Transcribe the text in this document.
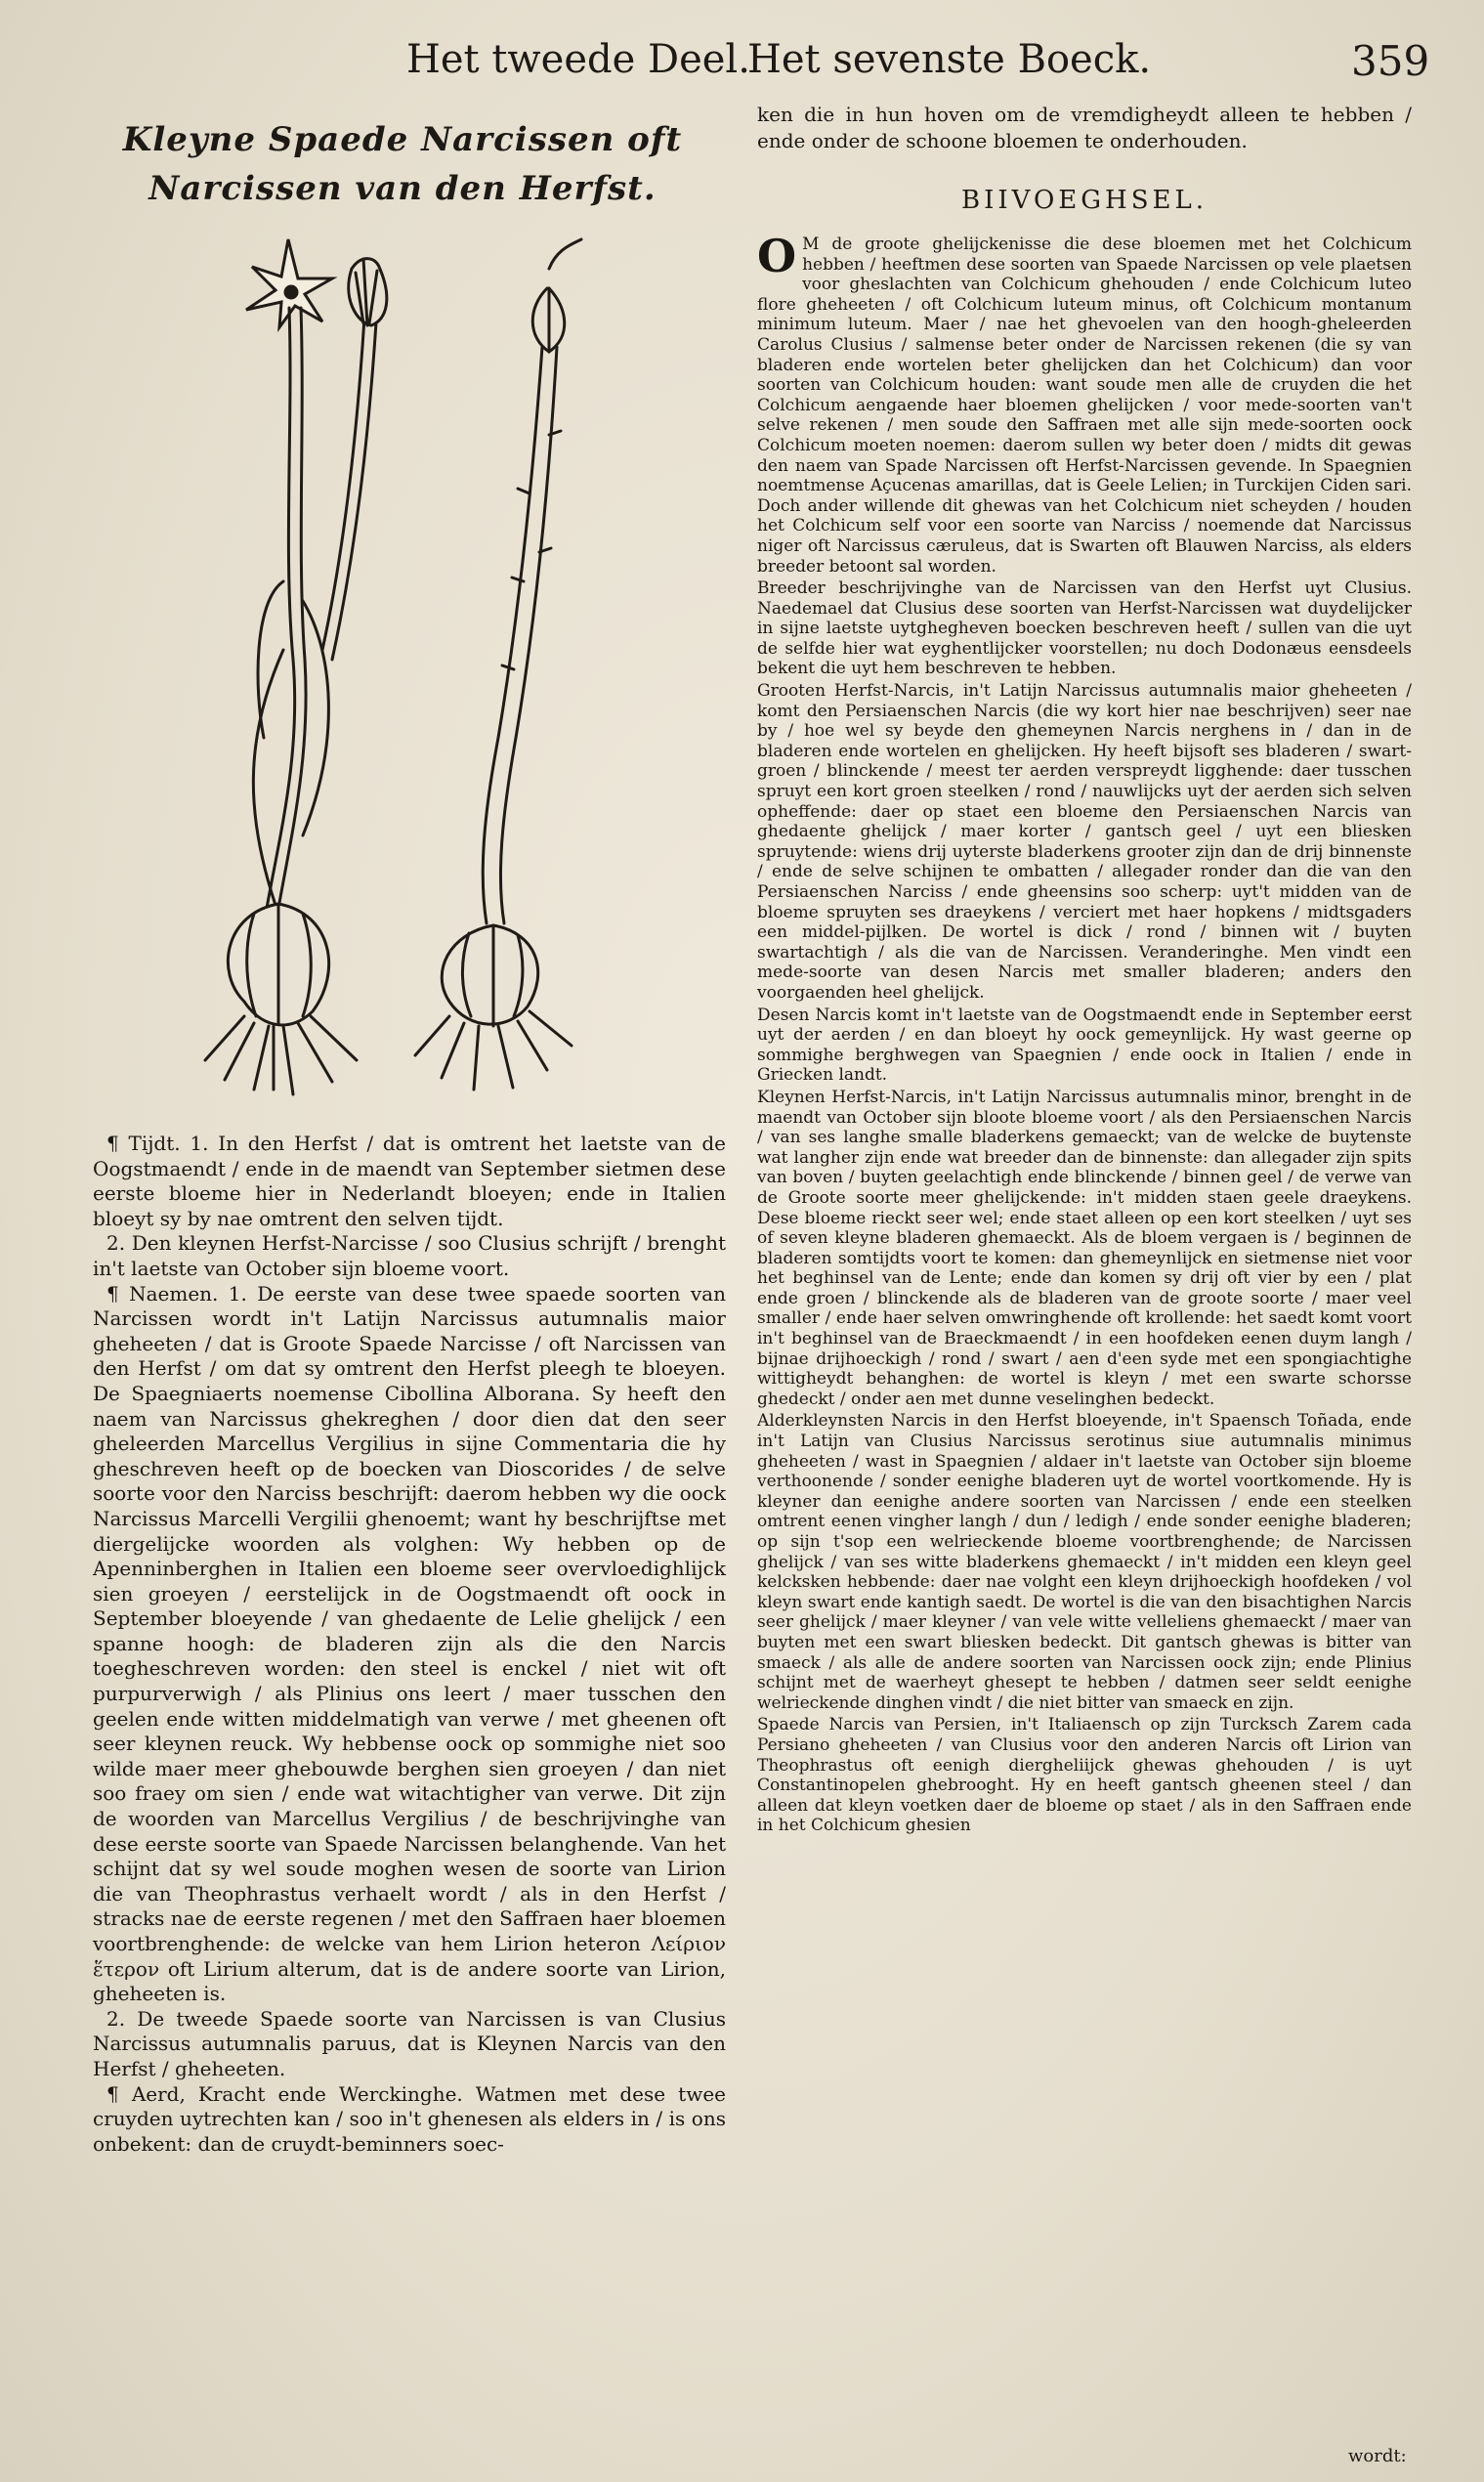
Het tweede Deel.
Het sevenste Boeck.	359
Kleyne Spaede Narcissen oft Narcissen van den Herfst.

¶ Tijdt. 1. In den Herfst / dat is omtrent het laetste van de Oogstmaendt / ende in de maendt van September sietmen dese eerste bloeme hier in Nederlandt bloeyen; ende in Italien bloeyt sy by nae omtrent den selven tijdt.

2. Den kleynen Herfst-Narcisse / soo Clusius schrijft / brenght in't laetste van October sijn bloeme voort.

¶ Naemen. 1. De eerste van dese twee spaede soorten van Narcissen wordt in't Latijn Narcissus autumnalis maior gheheeten / dat is Groote Spaede Narcisse / oft Narcissen van den Herfst / om dat sy omtrent den Herfst pleegh te bloeyen. De Spaegniaerts noemense Cibollina Alborana. Sy heeft den naem van Narcissus ghekreghen / door dien dat den seer gheleerden Marcellus Vergilius in sijne Commentaria die hy gheschreven heeft op de boecken van Dioscorides / de selve soorte voor den Narciss beschrijft: daerom hebben wy die oock Narcissus Marcelli Vergilii ghenoemt; want hy beschrijftse met diergelijcke woorden als volghen: Wy hebben op de Apenninberghen in Italien een bloeme seer overvloedighlijck sien groeyen / eerstelijck in de Oogstmaendt oft oock in September bloeyende / van ghedaente de Lelie ghelijck / een spanne hoogh: de bladeren zijn als die den Narcis toegheschreven worden: den steel is enckel / niet wit oft purpurverwigh / als Plinius ons leert / maer tusschen den geelen ende witten middelmatigh van verwe / met gheenen oft seer kleynen reuck. Wy hebbense oock op sommighe niet soo wilde maer meer ghebouwde berghen sien groeyen / dan niet soo fraey om sien / ende wat witachtigher van verwe. Dit zijn de woorden van Marcellus Vergilius / de beschrijvinghe van dese eerste soorte van Spaede Narcissen belanghende. Van het schijnt dat sy wel soude moghen wesen de soorte van Lirion die van Theophrastus verhaelt wordt / als in den Herfst / stracks nae de eerste regenen / met den Saffraen haer bloemen voortbrenghende: de welcke van hem Lirion heteron Λείριον ἕτερον oft Lirium alterum, dat is de andere soorte van Lirion, gheheeten is.

2. De tweede Spaede soorte van Narcissen is van Clusius Narcissus autumnalis paruus, dat is Kleynen Narcis van den Herfst / gheheeten.

¶ Aerd, Kracht ende Werckinghe. Watmen met dese twee cruyden uytrechten kan / soo in't ghenesen als elders in / is ons onbekent: dan de cruydt-beminners soec-

ken die in hun hoven om de vremdigheydt alleen te hebben / ende onder de schoone bloemen te onderhouden.

BIIVOEGHSEL.

O M de groote ghelijckenisse die dese bloemen met het Colchicum hebben / heeftmen dese soorten van Spaede Narcissen op vele plaetsen voor gheslachten van Colchicum ghehouden / ende Colchicum luteo flore gheheeten / oft Colchicum luteum minus, oft Colchicum montanum minimum luteum. Maer / nae het ghevoelen van den hoogh-gheleerden Carolus Clusius / salmense beter onder de Narcissen rekenen (die sy van bladeren ende wortelen beter ghelijcken dan het Colchicum) dan voor soorten van Colchicum houden: want soude men alle de cruyden die het Colchicum aengaende haer bloemen ghelijcken / voor mede-soorten van't selve rekenen / men soude den Saffraen met alle sijn mede-soorten oock Colchicum moeten noemen: daerom sullen wy beter doen / midts dit gewas den naem van Spade Narcissen oft Herfst-Narcissen gevende. In Spaegnien noemtmense Açucenas amarillas, dat is Geele Lelien; in Turckijen Ciden sari. Doch ander willende dit ghewas van het Colchicum niet scheyden / houden het Colchicum self voor een soorte van Narciss / noemende dat Narcissus niger oft Narcissus cæruleus, dat is Swarten oft Blauwen Narciss, als elders breeder betoont sal worden.

Breeder beschrijvinghe van de Narcissen van den Herfst uyt Clusius. Naedemael dat Clusius dese soorten van Herfst-Narcissen wat duydelijcker in sijne laetste uytghegheven boecken beschreven heeft / sullen van die uyt de selfde hier wat eyghentlijcker voorstellen; nu doch Dodonæus eensdeels bekent die uyt hem beschreven te hebben.

Grooten Herfst-Narcis, in't Latijn Narcissus autumnalis maior gheheeten / komt den Persiaenschen Narcis (die wy kort hier nae beschrijven) seer nae by / hoe wel sy beyde den ghemeynen Narcis nerghens in / dan in de bladeren ende wortelen en ghelijcken. Hy heeft bijsoft ses bladeren / swart-groen / blinckende / meest ter aerden verspreydt ligghende: daer tusschen spruyt een kort groen steelken / rond / nauwlijcks uyt der aerden sich selven opheffende: daer op staet een bloeme den Persiaenschen Narcis van ghedaente ghelijck / maer korter / gantsch geel / uyt een bliesken spruytende: wiens drij uyterste bladerkens grooter zijn dan de drij binnenste / ende de selve schijnen te ombatten / allegader ronder dan die van den Persiaenschen Narciss / ende gheensins soo scherp: uyt't midden van de bloeme spruyten ses draeykens / verciert met haer hopkens / midtsgaders een middel-pijlken. De wortel is dick / rond / binnen wit / buyten swartachtigh / als die van de Narcissen. Veranderinghe. Men vindt een mede-soorte van desen Narcis met smaller bladeren; anders den voorgaenden heel ghelijck.

Desen Narcis komt in't laetste van de Oogstmaendt ende in September eerst uyt der aerden / en dan bloeyt hy oock gemeynlijck. Hy wast geerne op sommighe berghwegen van Spaegnien / ende oock in Italien / ende in Griecken landt.

Kleynen Herfst-Narcis, in't Latijn Narcissus autumnalis minor, brenght in de maendt van October sijn bloote bloeme voort / als den Persiaenschen Narcis / van ses langhe smalle bladerkens gemaeckt; van de welcke de buytenste wat langher zijn ende wat breeder dan de binnenste: dan allegader zijn spits van boven / buyten geelachtigh ende blinckende / binnen geel / de verwe van de Groote soorte meer ghelijckende: in't midden staen geele draeykens. Dese bloeme rieckt seer wel; ende staet alleen op een kort steelken / uyt ses of seven kleyne bladeren ghemaeckt. Als de bloem vergaen is / beginnen de bladeren somtijdts voort te komen: dan ghemeynlijck en sietmense niet voor het beghinsel van de Lente; ende dan komen sy drij oft vier by een / plat ende groen / blinckende als de bladeren van de groote soorte / maer veel smaller / ende haer selven omwringhende oft krollende: het saedt komt voort in't beghinsel van de Braeckmaendt / in een hoofdeken eenen duym langh / bijnae drijhoeckigh / rond / swart / aen d'een syde met een spongiachtighe wittigheydt behanghen: de wortel is kleyn / met een swarte schorsse ghedeckt / onder aen met dunne veselinghen bedeckt.

Alderkleynsten Narcis in den Herfst bloeyende, in't Spaensch Toñada, ende in't Latijn van Clusius Narcissus serotinus siue autumnalis minimus gheheeten / wast in Spaegnien / aldaer in't laetste van October sijn bloeme verthoonende / sonder eenighe bladeren uyt de wortel voortkomende. Hy is kleyner dan eenighe andere soorten van Narcissen / ende een steelken omtrent eenen vingher langh / dun / ledigh / ende sonder eenighe bladeren; op sijn t'sop een welrieckende bloeme voortbrenghende; de Narcissen ghelijck / van ses witte bladerkens ghemaeckt / in't midden een kleyn geel kelcksken hebbende: daer nae volght een kleyn drijhoeckigh hoofdeken / vol kleyn swart ende kantigh saedt. De wortel is die van den bisachtighen Narcis seer ghelijck / maer kleyner / van vele witte velleliens ghemaeckt / maer van buyten met een swart bliesken bedeckt. Dit gantsch ghewas is bitter van smaeck / als alle de andere soorten van Narcissen oock zijn; ende Plinius schijnt met de waerheyt ghesept te hebben / datmen seer seldt eenighe welrieckende dinghen vindt / die niet bitter van smaeck en zijn.

Spaede Narcis van Persien, in't Italiaensch op zijn Turcksch Zarem cada Persiano gheheeten / van Clusius voor den anderen Narcis oft Lirion van Theophrastus oft eenigh diergheliijck ghewas ghehouden / is uyt Constantinopelen ghebrooght. Hy en heeft gantsch gheenen steel / dan alleen dat kleyn voetken daer de bloeme op staet / als in den Saffraen ende in het Colchicum ghesien

wordt:
